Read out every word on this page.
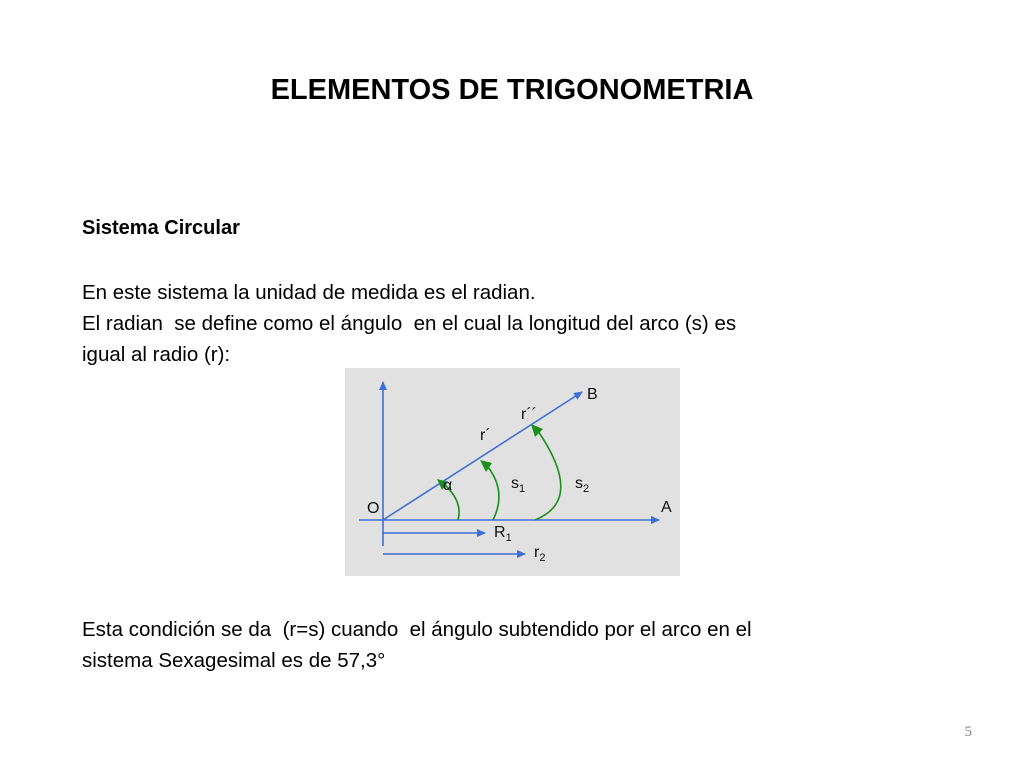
ELEMENTOS DE TRIGONOMETRIA
Sistema Circular
En este sistema la unidad de medida es el radian.
El radian  se define como el ángulo  en el cual la longitud del arco (s) es
igual al radio (r):
O	A
B
r´´
r´
α	$s_1$	$s_2$
$R_1$
$r_2$
Esta condición se da  (r=s) cuando  el ángulo subtendido por el arco en el
sistema Sexagesimal es de 57,3°
5
